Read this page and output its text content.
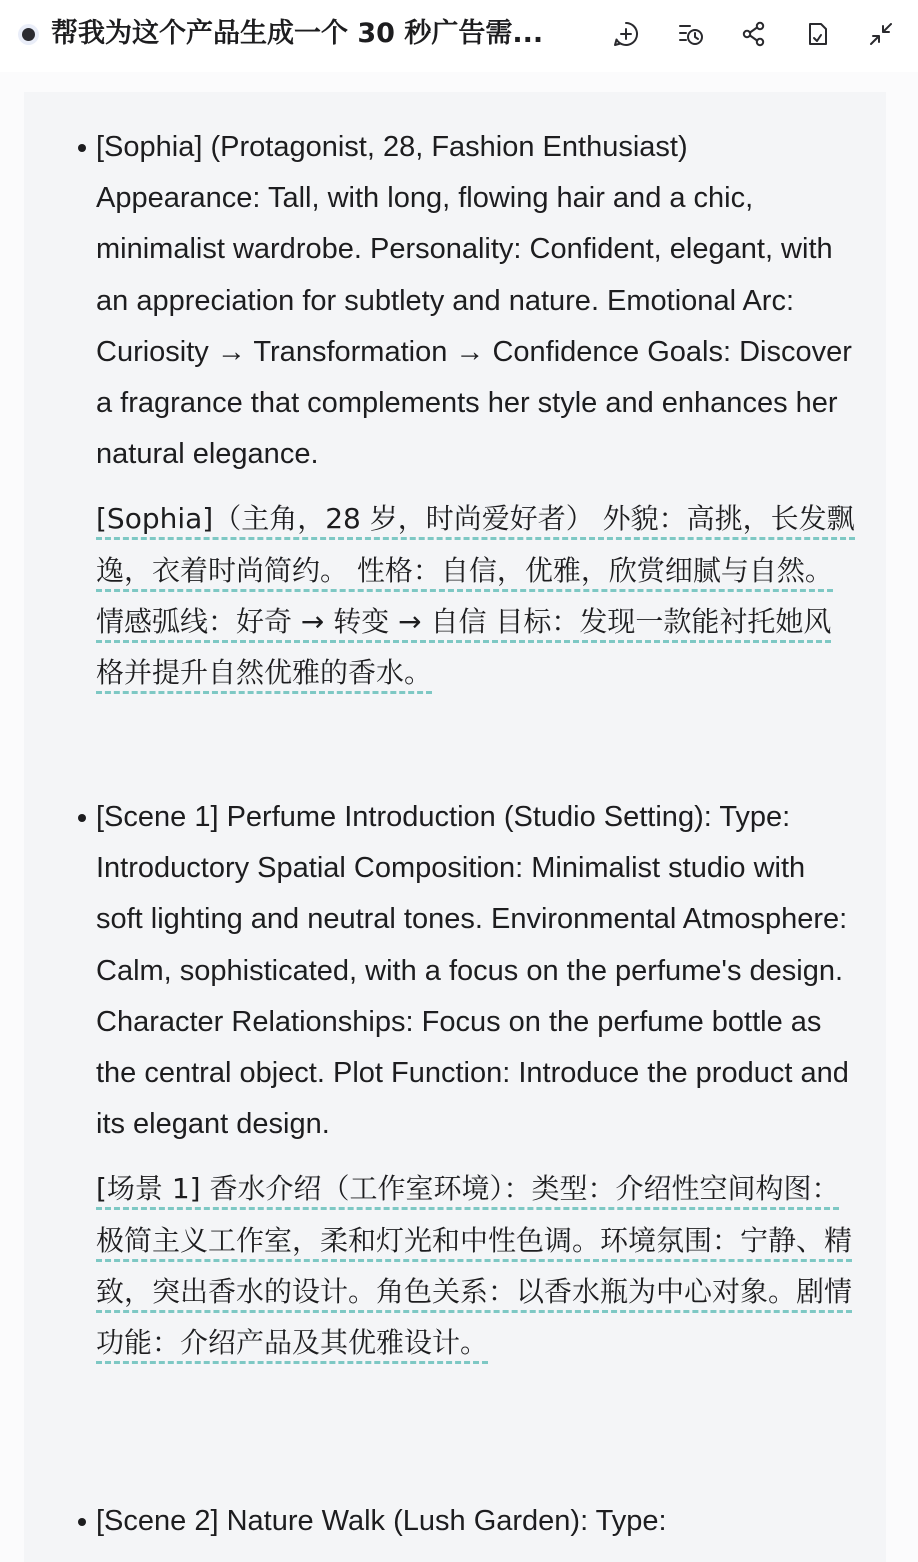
帮我为这个产品生成一个 30 秒广告需...
[Sophia] (Protagonist, 28, Fashion Enthusiast) Appearance: Tall, with long, flowing hair and a chic, minimalist wardrobe. Personality: Confident, elegant, with an appreciation for subtlety and nature. Emotional Arc: Curiosity → Transformation → Confidence Goals: Discover a fragrance that complements her style and enhances her natural elegance.
[Sophia]（主角，28 岁，时尚爱好者） 外貌：高挑，长发飘逸，衣着时尚简约。 性格：自信，优雅，欣赏细腻与自然。 情感弧线：好奇 → 转变 → 自信 目标：发现一款能衬托她风格并提升自然优雅的香水。
[Scene 1] Perfume Introduction (Studio Setting): Type: Introductory Spatial Composition: Minimalist studio with soft lighting and neutral tones. Environmental Atmosphere: Calm, sophisticated, with a focus on the perfume's design. Character Relationships: Focus on the perfume bottle as the central object. Plot Function: Introduce the product and its elegant design.
[场景 1] 香水介绍（工作室环境）：类型：介绍性空间构图：极简主义工作室，柔和灯光和中性色调。环境氛围：宁静、精致，突出香水的设计。角色关系：以香水瓶为中心对象。剧情功能：介绍产品及其优雅设计。
[Scene 2] Nature Walk (Lush Garden): Type:
